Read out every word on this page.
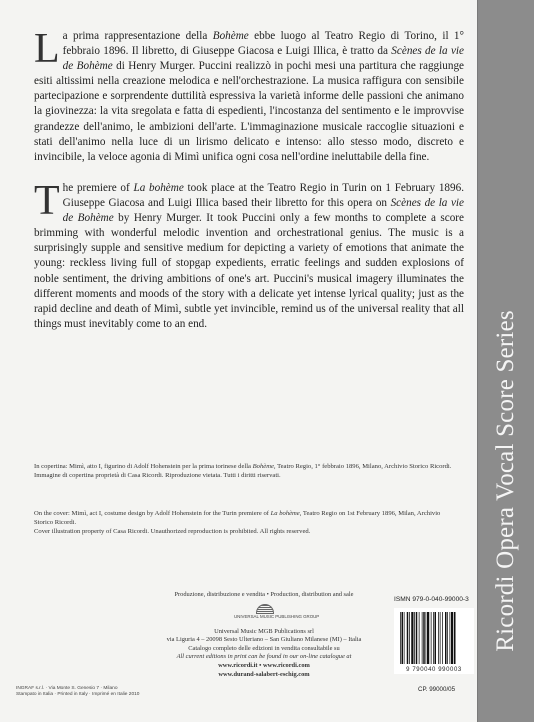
La prima rappresentazione della Bohème ebbe luogo al Teatro Regio di Torino, il 1° febbraio 1896. Il libretto, di Giuseppe Giacosa e Luigi Illica, è tratto da Scènes de la vie de Bohème di Henry Murger. Puccini realizzò in pochi mesi una partitura che raggiunge esiti altissimi nella creazione melodica e nell'orchestrazione. La musica raffigura con sensibile partecipazione e sorprendente duttilità espressiva la varietà informe delle passioni che animano la giovinezza: la vita sregolata e fatta di espedienti, l'incostanza del sentimento e le improvvise grandezze dell'animo, le ambizioni dell'arte. L'immaginazione musicale raccoglie situazioni e stati dell'animo nella luce di un lirismo delicato e intenso: allo stesso modo, discreto e invincibile, la veloce agonia di Mimì unifica ogni cosa nell'ordine ineluttabile della fine.

The premiere of La bohème took place at the Teatro Regio in Turin on 1 February 1896. Giuseppe Giacosa and Luigi Illica based their libretto for this opera on Scènes de la vie de Bohème by Henry Murger. It took Puccini only a few months to complete a score brimming with wonderful melodic invention and orchestrational genius. The music is a surprisingly supple and sensitive medium for depicting a variety of emotions that animate the young: reckless living full of stopgap expedients, erratic feelings and sudden explosions of noble sentiment, the driving ambitions of one's art. Puccini's musical imagery illuminates the different moments and moods of the story with a delicate yet intense lyrical quality; just as the rapid decline and death of Mimì, subtle yet invincible, remind us of the universal reality that all things must inevitably come to an end.

In copertina: Mimì, atto I, figurino di Adolf Hohenstein per la prima torinese della Bohème, Teatro Regio, 1° febbraio 1896, Milano, Archivio Storico Ricordi.
Immagine di copertina proprietà di Casa Ricordi. Riproduzione vietata. Tutti i diritti riservati.

On the cover: Mimì, act I, costume design by Adolf Hohenstein for the Turin premiere of La bohème, Teatro Regio on 1st February 1896, Milan, Archivio Storico Ricordi.
Cover illustration property of Casa Ricordi. Unauthorized reproduction is prohibited. All rights reserved.

Produzione, distribuzione e vendita • Production, distribution and sale
UNIVERSAL MUSIC PUBLISHING GROUP
Universal Music MGB Publications srl
via Liguria 4 – 20098 Sesto Ulteriano – San Giuliano Milanese (MI) – Italia
Catalogo completo delle edizioni in vendita consultabile su
All current editions in print can be found in our on-line catalogue at
www.ricordi.it • www.ricordi.com
www.durand-salabert-eschig.com
INGRAF s.r.l. · Via Monte S. Genesio 7 · Milano
Stampato in Italia · Printed in Italy · Imprimé en Italie 2010
ISMN 979-0-040-99000-3
9 790040 990003
CP. 99000/05
Ricordi Opera Vocal Score Series
